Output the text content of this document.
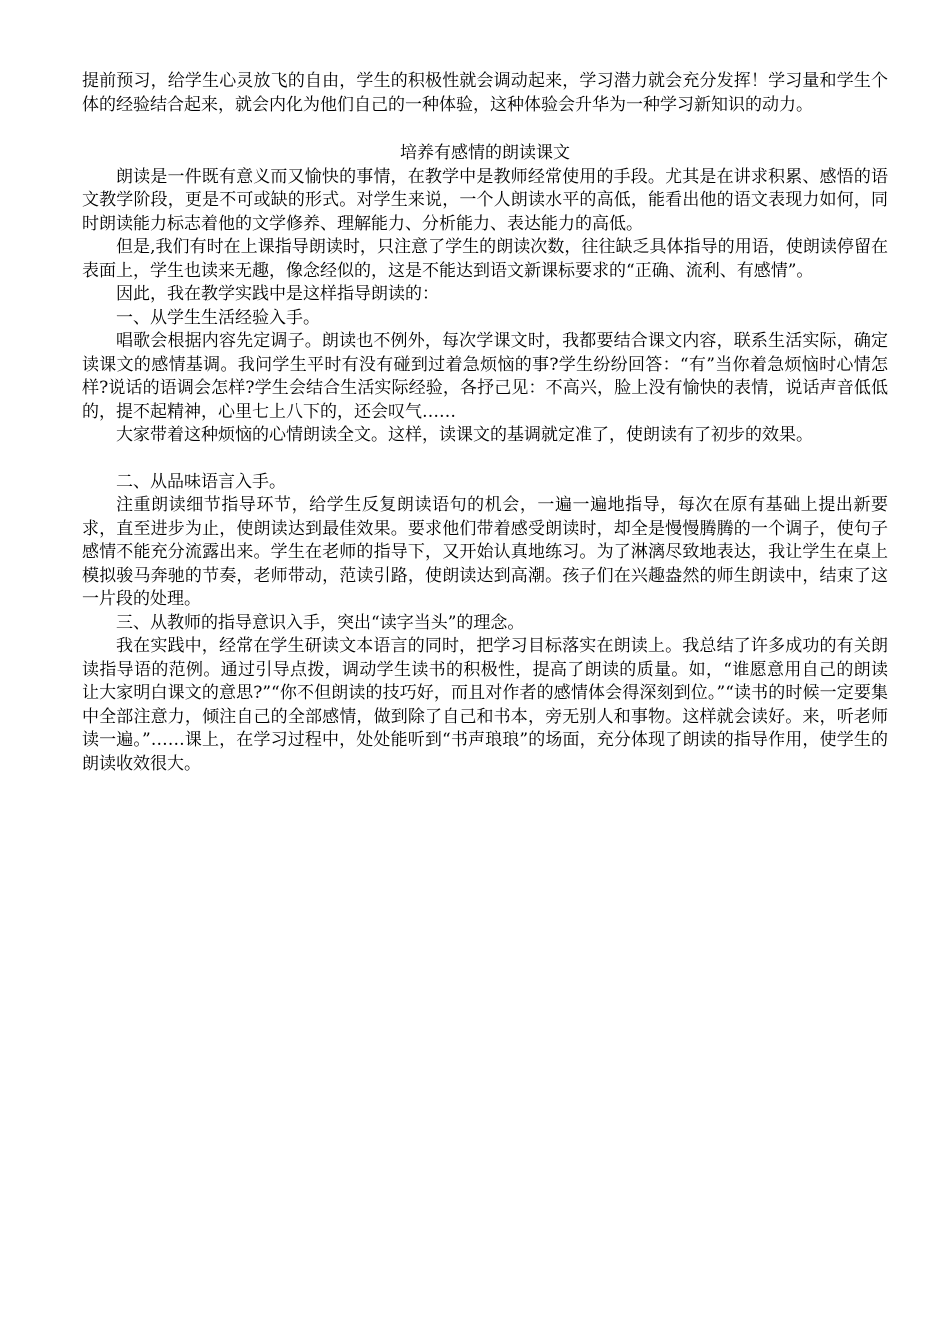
提前预习，给学生心灵放飞的自由，学生的积极性就会调动起来，学习潜力就会充分发挥！学习量和学生个体的经验结合起来，就会内化为他们自己的一种体验，这种体验会升华为一种学习新知识的动力。

培养有感情的朗读课文

朗读是一件既有意义而又愉快的事情，在教学中是教师经常使用的手段。尤其是在讲求积累、感悟的语文教学阶段，更是不可或缺的形式。对学生来说，一个人朗读水平的高低，能看出他的语文表现力如何，同时朗读能力标志着他的文学修养、理解能力、分析能力、表达能力的高低。

但是,我们有时在上课指导朗读时，只注意了学生的朗读次数，往往缺乏具体指导的用语，使朗读停留在表面上，学生也读来无趣，像念经似的，这是不能达到语文新课标要求的“正确、流利、有感情”。

因此，我在教学实践中是这样指导朗读的：

一、从学生生活经验入手。

唱歌会根据内容先定调子。朗读也不例外，每次学课文时，我都要结合课文内容，联系生活实际，确定读课文的感情基调。我问学生平时有没有碰到过着急烦恼的事?学生纷纷回答：“有”当你着急烦恼时心情怎样?说话的语调会怎样?学生会结合生活实际经验，各抒己见：不高兴，脸上没有愉快的表情，说话声音低低的，提不起精神，心里七上八下的，还会叹气……

大家带着这种烦恼的心情朗读全文。这样，读课文的基调就定准了，使朗读有了初步的效果。

二、从品味语言入手。

注重朗读细节指导环节，给学生反复朗读语句的机会，一遍一遍地指导，每次在原有基础上提出新要求，直至进步为止，使朗读达到最佳效果。要求他们带着感受朗读时，却全是慢慢腾腾的一个调子，使句子感情不能充分流露出来。学生在老师的指导下，又开始认真地练习。为了淋漓尽致地表达，我让学生在桌上模拟骏马奔驰的节奏，老师带动，范读引路，使朗读达到高潮。孩子们在兴趣盎然的师生朗读中，结束了这一片段的处理。

三、从教师的指导意识入手，突出“读字当头”的理念。

我在实践中，经常在学生研读文本语言的同时，把学习目标落实在朗读上。我总结了许多成功的有关朗读指导语的范例。通过引导点拨，调动学生读书的积极性，提高了朗读的质量。如，“谁愿意用自己的朗读让大家明白课文的意思?”“你不但朗读的技巧好，而且对作者的感情体会得深刻到位。”“读书的时候一定要集中全部注意力，倾注自己的全部感情，做到除了自己和书本，旁无别人和事物。这样就会读好。来，听老师读一遍。”……课上，在学习过程中，处处能听到“书声琅琅”的场面，充分体现了朗读的指导作用，使学生的朗读收效很大。
